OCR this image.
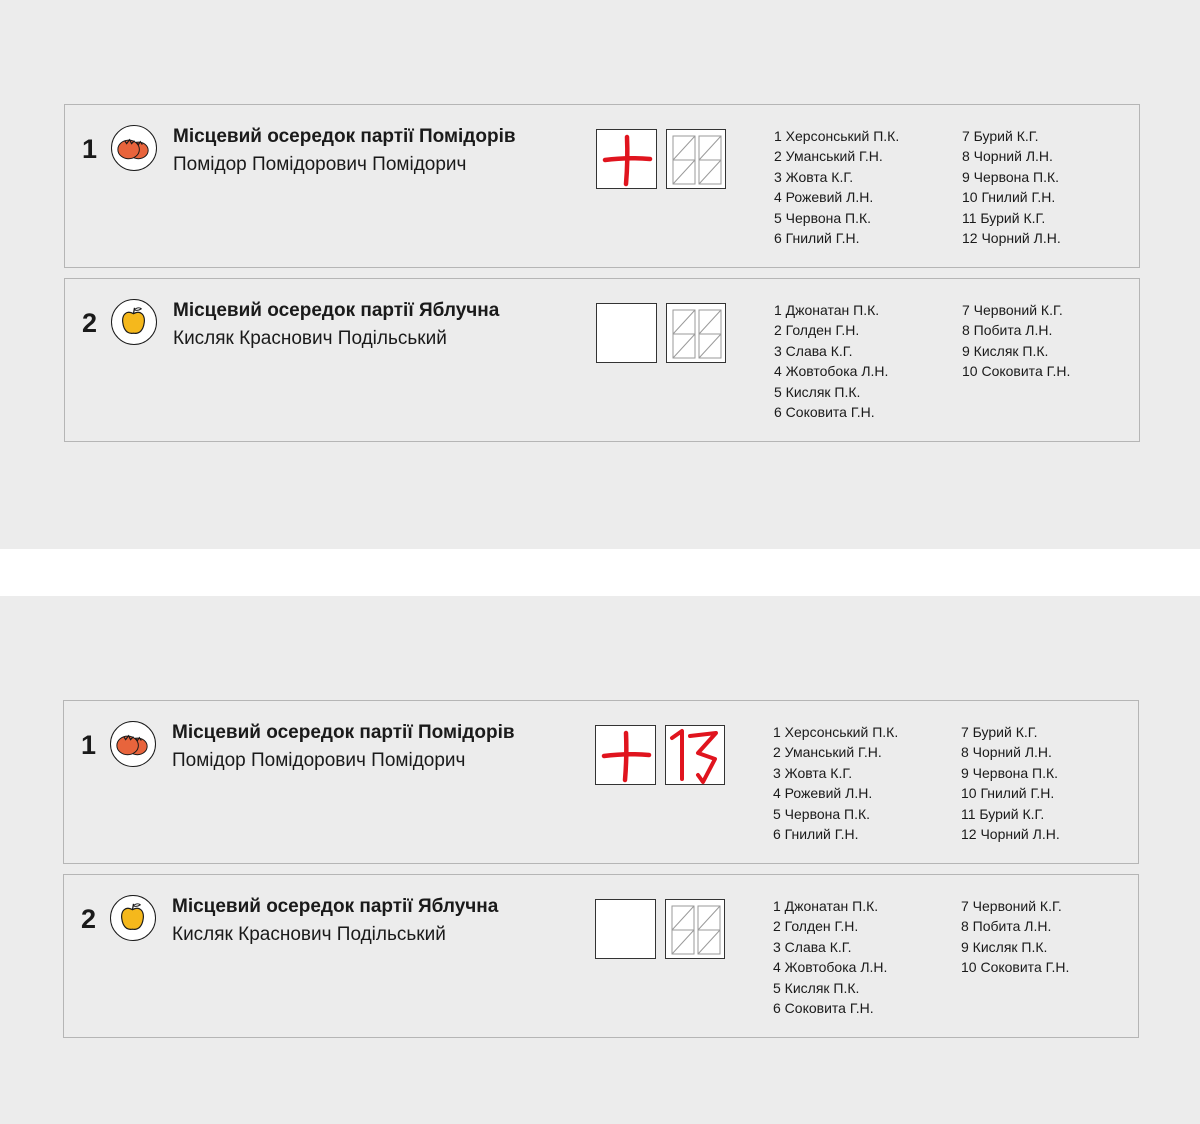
1	Місцевий осередок партії Помідорів
Помідор Помідорович Помідорич
1 Херсонський П.К.
2 Уманський Г.Н.
3 Жовта К.Г.
4 Рожевий Л.Н.
5 Червона П.К.
6 Гнилий Г.Н.
7 Бурий К.Г.
8 Чорний Л.Н.
9 Червона П.К.
10 Гнилий Г.Н.
11 Бурий К.Г.
12 Чорний Л.Н.
2	Місцевий осередок партії Яблучна
Кисляк Краснович Подільський
1 Джонатан П.К.
2 Голден Г.Н.
3 Слава К.Г.
4 Жовтобока Л.Н.
5 Кисляк П.К.
6 Соковита Г.Н.
7 Червоний К.Г.
8 Побита Л.Н.
9 Кисляк П.К.
10 Соковита Г.Н.
1	Місцевий осередок партії Помідорів
Помідор Помідорович Помідорич
1 Херсонський П.К.
2 Уманський Г.Н.
3 Жовта К.Г.
4 Рожевий Л.Н.
5 Червона П.К.
6 Гнилий Г.Н.
7 Бурий К.Г.
8 Чорний Л.Н.
9 Червона П.К.
10 Гнилий Г.Н.
11 Бурий К.Г.
12 Чорний Л.Н.
2	Місцевий осередок партії Яблучна
Кисляк Краснович Подільський
1 Джонатан П.К.
2 Голден Г.Н.
3 Слава К.Г.
4 Жовтобока Л.Н.
5 Кисляк П.К.
6 Соковита Г.Н.
7 Червоний К.Г.
8 Побита Л.Н.
9 Кисляк П.К.
10 Соковита Г.Н.
